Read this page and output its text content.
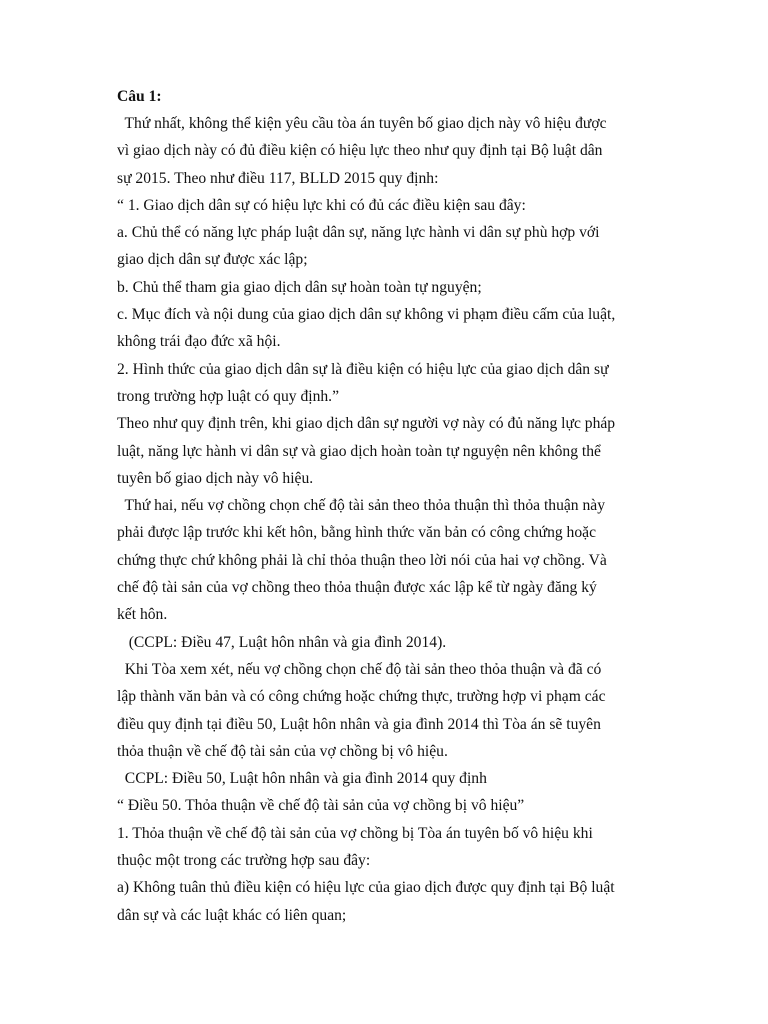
Câu 1:

Thứ nhất, không thể kiện yêu cầu tòa án tuyên bố giao dịch này vô hiệu được

vì giao dịch này có đủ điều kiện có hiệu lực theo như quy định tại Bộ luật dân

sự 2015. Theo như điều 117, BLLD 2015 quy định:

“ 1. Giao dịch dân sự có hiệu lực khi có đủ các điều kiện sau đây:

a. Chủ thể có năng lực pháp luật dân sự, năng lực hành vi dân sự phù hợp với

giao dịch dân sự được xác lập;

b. Chủ thể tham gia giao dịch dân sự hoàn toàn tự nguyện;

c. Mục đích và nội dung của giao dịch dân sự không vi phạm điều cấm của luật,

không trái đạo đức xã hội.

2. Hình thức của giao dịch dân sự là điều kiện có hiệu lực của giao dịch dân sự

trong trường hợp luật có quy định.”

Theo như quy định trên, khi giao dịch dân sự người vợ này có đủ năng lực pháp

luật, năng lực hành vi dân sự và giao dịch hoàn toàn tự nguyện nên không thể

tuyên bố giao dịch này vô hiệu.

Thứ hai, nếu vợ chồng chọn chế độ tài sản theo thỏa thuận thì thỏa thuận này

phải được lập trước khi kết hôn, bằng hình thức văn bản có công chứng hoặc

chứng thực chứ không phải là chỉ thỏa thuận theo lời nói của hai vợ chồng. Và

chế độ tài sản của vợ chồng theo thỏa thuận được xác lập kể từ ngày đăng ký

kết hôn.

(CCPL: Điều 47, Luật hôn nhân và gia đình 2014).

Khi Tòa xem xét, nếu vợ chồng chọn chế độ tài sản theo thỏa thuận và đã có

lập thành văn bản và có công chứng hoặc chứng thực, trường hợp vi phạm các

điều quy định tại điều 50, Luật hôn nhân và gia đình 2014 thì Tòa án sẽ tuyên

thỏa thuận về chế độ tài sản của vợ chồng bị vô hiệu.

CCPL: Điều 50, Luật hôn nhân và gia đình 2014 quy định

“ Điều 50. Thỏa thuận về chế độ tài sản của vợ chồng bị vô hiệu”

1. Thỏa thuận về chế độ tài sản của vợ chồng bị Tòa án tuyên bố vô hiệu khi

thuộc một trong các trường hợp sau đây:

a) Không tuân thủ điều kiện có hiệu lực của giao dịch được quy định tại Bộ luật

dân sự và các luật khác có liên quan;
